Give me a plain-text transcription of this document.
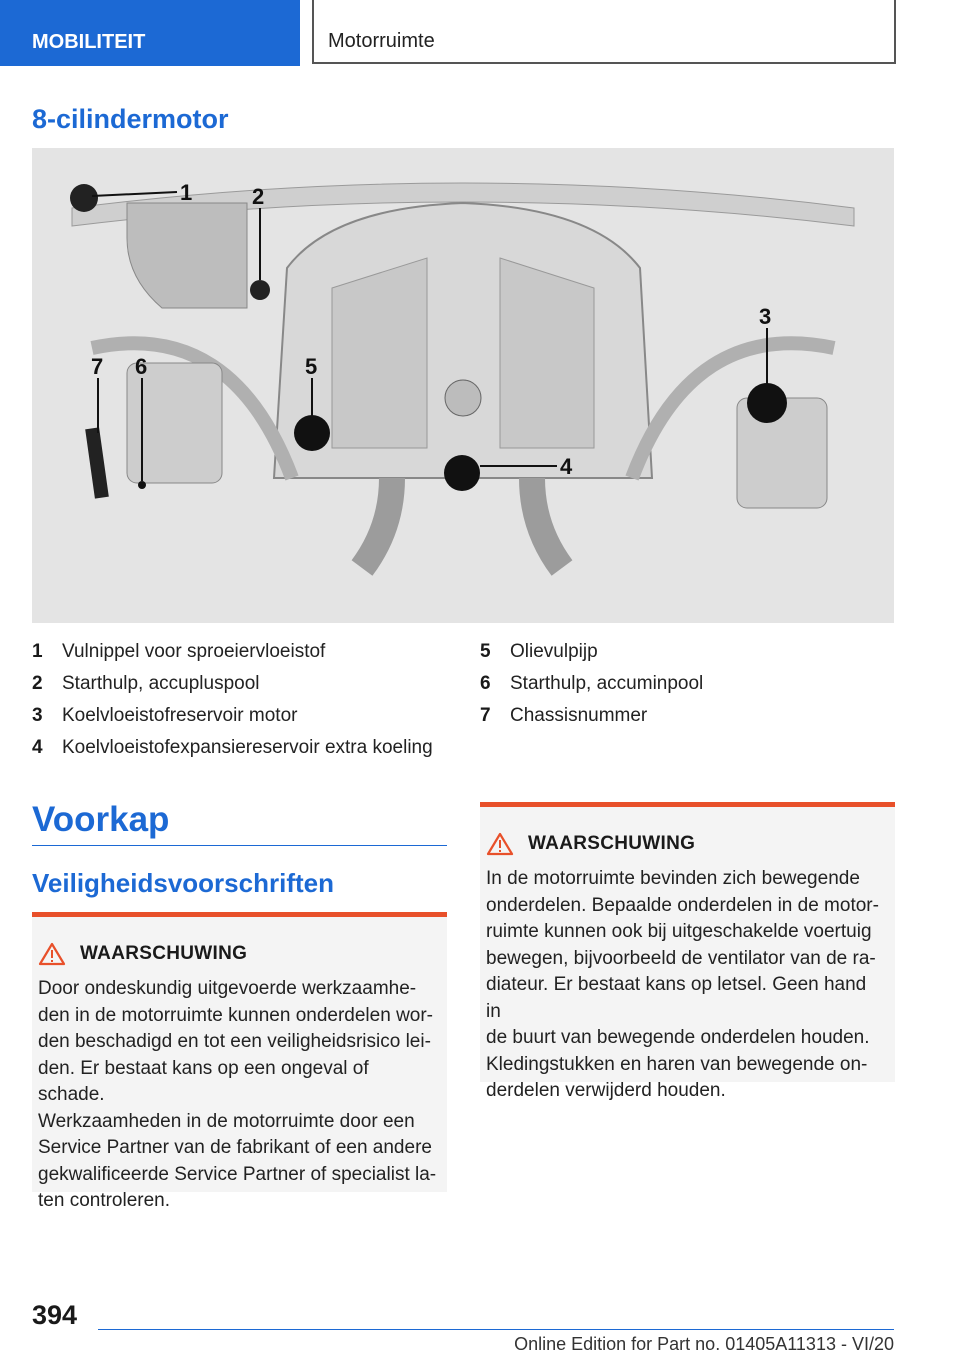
MOBILITEIT	Motorruimte
8-cilindermotor
1	2
3
4
5
6
7
1	Vulnippel voor sproeiervloeistof
2	Starthulp, accupluspool
3	Koelvloeistofreservoir motor
4	Koelvloeistofexpansiereservoir extra koeling
5	Olievulpijp
6	Starthulp, accuminpool
7	Chassisnummer
Voorkap
Veiligheidsvoorschriften
WAARSCHUWING

Door ondeskundig uitgevoerde werkzaamhe-
den in de motorruimte kunnen onderdelen wor-
den beschadigd en tot een veiligheidsrisico lei-
den. Er bestaat kans op een ongeval of schade.
Werkzaamheden in de motorruimte door een
Service Partner van de fabrikant of een andere
gekwalificeerde Service Partner of specialist la-
ten controleren.

WAARSCHUWING

In de motorruimte bevinden zich bewegende
onderdelen. Bepaalde onderdelen in de motor-
ruimte kunnen ook bij uitgeschakelde voertuig
bewegen, bijvoorbeeld de ventilator van de ra-
diateur. Er bestaat kans op letsel. Geen hand in
de buurt van bewegende onderdelen houden.
Kledingstukken en haren van bewegende on-
derdelen verwijderd houden.

394
Online Edition for Part no. 01405A11313 - VI/20
